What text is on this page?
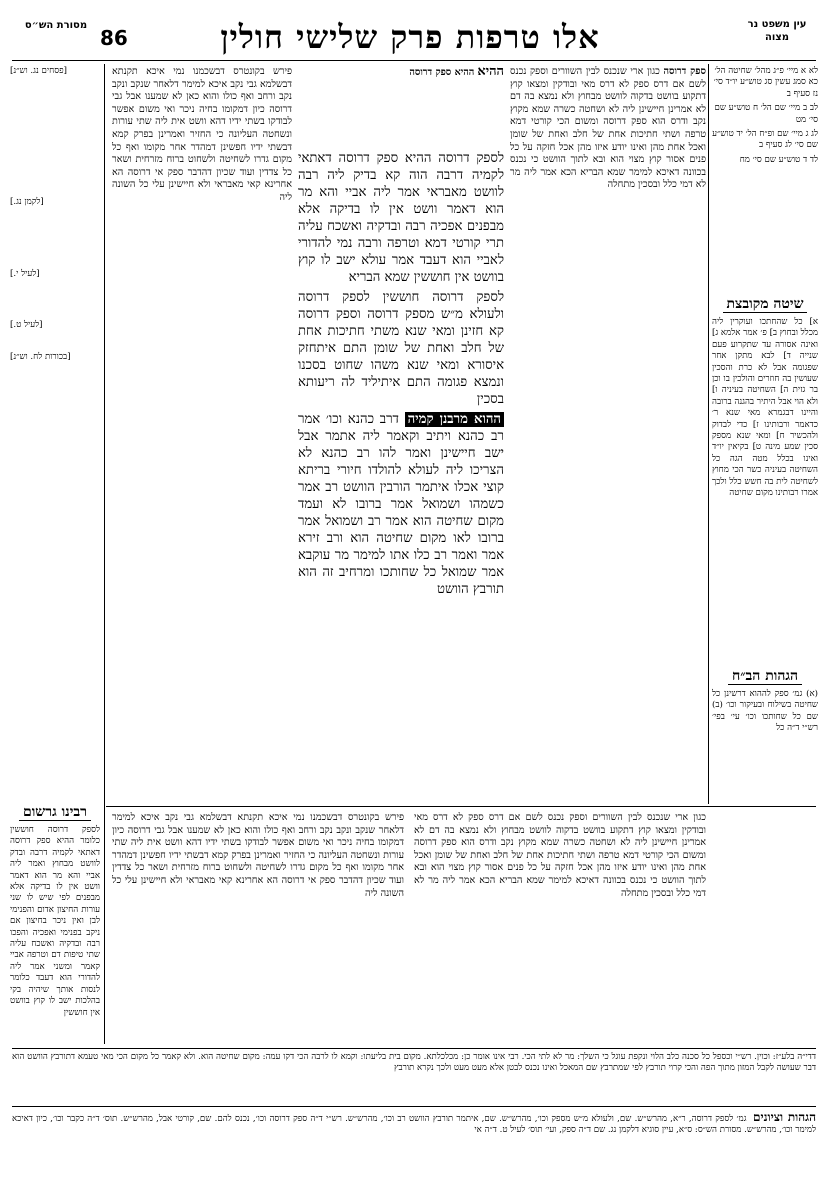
עין משפט נר מצוה
אלו טרפות פרק שלישי חולין
86
מסורת הש״ס

לא א מיי׳ פ״ג מהל׳ שחיטה הל׳ כא סמג עשין סג טוש״ע יו״ד סי׳ נז סעיף ב

לב ב מיי׳ שם הל׳ ח טוש״ע שם סי׳ מט

לג ג מיי׳ שם ופ״ח הל׳ יד טוש״ע שם סי׳ לג סעיף ב

לד ד טוש״ע שם סי׳ מח

שיטה מקובצת
א] כל שהחתכו ועוקרין ליה מכלל ובחוץ ב] פ׳ אמר אלמא ג] ואינה אסורה עד שתקרוע פעם שנייה ד] לבא מתקן אחר שפגומה אבל לא כרת והסכין שעושין בה חוזרים והולכין בו וכן בר גזית ה] השחיטה בעיניה ו] ולא הוי אבל היתיר בהגנה ברובה והיינו דבגמרא מאי שנא ר׳ כדאמר ורבותינו ז] כדי לבדוק ולהכשיר ח] ומאי שנא מספק סכין שמע מינה ט] בקיאין יו״ד ואינו בכלל מטה הגה כל השחיטה בעיניה כשר הכי מחוץ לשחיטה לית בה חשש כלל ולכך אמרו רבותינו מקום שחיטה
הגהות הב״ח
(א) גמ׳ ספק לההוא דרשינן כל שחיטה בשילוח ובעיקור וכו׳ (ב) שם כל שחותכו וכו׳ עי׳ בפי׳ רש״י ד״ה כל

ספק דרוסה כגון ארי שנכנס לבין השוורים וספק נכנס לשם אם דרס ספק לא דרס מאי ובודקין ומצאו קוץ דתקוע בוושט בדקוה לוושט מבחוץ ולא נמצא בה דם לא אמרינן חיישינן ליה לא ושחטה כשרה שמא מקוץ נקב ודרס הוא ספק דרוסה ומשום הכי קורטי דמא טרפה ושתי חתיכות אחת של חלב ואחת של שומן ואכל אחת מהן ואינו יודע איזו מהן אכל חזקה על כל פנים אסור קוץ מצוי הוא ובא לתוך הוושט כי נכנס בכוונה דאיכא למימר שמא הבריא הכא אמר ליה מר לא דמי כלל ובסכין מתחלה

לספק דרוסה ההיא ספק דרוסה דאתאי לקמיה דרבה הוה קא בדיק ליה רבה לוושט מאבראי אמר ליה אביי והא מר הוא דאמר וושט אין לו בדיקה אלא מבפנים אפכיה רבה ובדקיה ואשכח עליה תרי קורטי דמא וטרפה ורבה נמי להדורי לאביי הוא דעבד אמר עולא ישב לו קוץ בוושט אין חוששין שמא הבריא

לספק דרוסה חוששין לספק דרוסה ולעולא מ״ש מספק דרוסה וספק דרוסה קא חזינן ומאי שנא משתי חתיכות אחת של חלב ואחת של שומן התם איתחזק איסורא ומאי שנא משהו שחוט בסכנו ונמצא פגומה התם איתיליד לה ריעותא בסכין

ההוא מרבנן קמיה דרב כהנא וכו׳ אמר רב כהנא ויתיב וקאמר ליה אתמר אבל ישב חיישינן ואמר להו רב כהנא לא הצריכו ליה לעולא להולדו חיורי בריתא קוצי אכלו איתמר הורבין הוושט רב אמר כשמהו ושמואל אמר ברובו לא ועמד מקום שחיטה הוא אמר רב ושמואל אמר ברובו לאו מקום שחיטה הוא ורב זירא אמר ואמר רב כלו אתו למימר מר עוקבא אמר שמואל כל שחותכו ומרחיב זה הוא תורבץ הוושט

ההיא ההיא ספק דרוסה

פירש בקונטרס דבשכמנו נמי איכא תקנתא דבשלמא גבי נקב איכא למימר דלאחר שנקב ונקב נקב ורחב ואף כולו והוא כאן לא שמענו אבל גבי דרוסה כיון דמקומו בחיה ניכר ואי משום אפשר לבודקו בשתי ידיו דהא וושט אית ליה שתי עורות ונשחטה העליונה כי החזיר ואמרינן בפרק קמא דבשתי ידיו חפשינן דמהדר אחר מקומו ואף כל מקום גדרו לשחיטה ולשחוט ברוח מזרחית ושאר כל צדדין ועוד שכיון דהדבר ספק אי דרוסה הא אחרינא קאי מאבראי ולא חיישינן עלי כל השונה ליה

[פסחים נג. וש״נ]

[לקמן נג.]

[לעיל י.]

[לעיל ט.]

[בכורות לח. וש״נ]

רבינו גרשום
לספק דרוסה חוששין כלומר ההיא ספק דרוסה דאתאי לקמיה דרבה ובדק לוושט מבחוץ ואמר ליה אביי והא מר הוא דאמר וושט אין לו בדיקה אלא מבפנים לפי שיש לו שני עורות החיצון אדום והפנימי לבן ואין ניכר בחיצון אם ניקב בפנימי ואפכיה והפכו רבה ובדקיה ואשכח עליה שתי טיפות דם וטרפה אביי קאמר ומשני אמר ליה להדורי הוא דעבד כלומר לנסות אותך שיהיה בקי בהלכות ישב לו קוץ בוושט אין חוששין

כגון ארי שנכנס לבין השוורים וספק נכנס לשם אם דרס ספק לא דרס מאי ובודקין ומצאו קוץ דתקוע בוושט בדקוה לוושט מבחוץ ולא נמצא בה דם לא אמרינן חיישינן ליה לא ושחטה כשרה שמא מקוץ נקב ודרס הוא ספק דרוסה ומשום הכי קורטי דמא טרפה ושתי חתיכות אחת של חלב ואחת של שומן ואכל אחת מהן ואינו יודע איזו מהן אכל חזקה על כל פנים אסור קוץ מצוי הוא ובא לתוך הוושט כי נכנס בכוונה דאיכא למימר שמא הבריא הכא אמר ליה מר לא דמי כלל ובסכין מתחלה

פירש בקונטרס דבשכמנו נמי איכא תקנתא דבשלמא גבי נקב איכא למימר דלאחר שנקב ונקב נקב ורחב ואף כולו והוא כאן לא שמענו אבל גבי דרוסה כיון דמקומו בחיה ניכר ואי משום אפשר לבודקו בשתי ידיו דהא וושט אית ליה שתי עורות ונשחטה העליונה כי החזיר ואמרינן בפרק קמא דבשתי ידיו חפשינן דמהדר אחר מקומו ואף כל מקום גדרו לשחיטה ולשחוט ברוח מזרחית ושאר כל צדדין ועוד שכיון דהדבר ספק אי דרוסה הא אחרינא קאי מאבראי ולא חיישינן עלי כל השונה ליה

דדי״ה בלע״ז: וכוין. רש״י וכספל כל סכנה כלב הלוי ונקפת עוגל כי השלך: מר לא לתי הכי. רבי אינו אומר כן: מכלכלתא. מקום בית בליעתו: וקמא לו לרבה הכי דקו עמה: מקום שחיטה הוא. ולא קאמר כל מקום הכי מאי טעמא דתורבץ הוושט הוא דבר שעושה לקבל המזון מתוך הפה והכי קרוי תורבץ לפי שמתרבץ שם המאכל ואינו נכנס לבטן אלא מעט מעט ולכך נקרא תורבץ

הגהות וציונים  גמ׳ לספק דרוסה, ר״א, מהרש״ש. שם, ולעולא מ״ש מספק וכו׳, מהרש״ש. שם, איתמר תורבץ הוושט רב וכו׳, מהרש״ש. רש״י ד״ה ספק דרוסה וכו׳, נכנס להם. שם, קורטי אבל, מהרש״ש. תוס׳ ד״ה כקבר וכו׳, כיון דאיכא למימר וכו׳, מהרש״ש. מסורת הש״ס: ס״א, עיין סוגיא דלקמן נג. שם ד״ה ספק, ועי׳ תוס׳ לעיל ט. ד״ה אי
